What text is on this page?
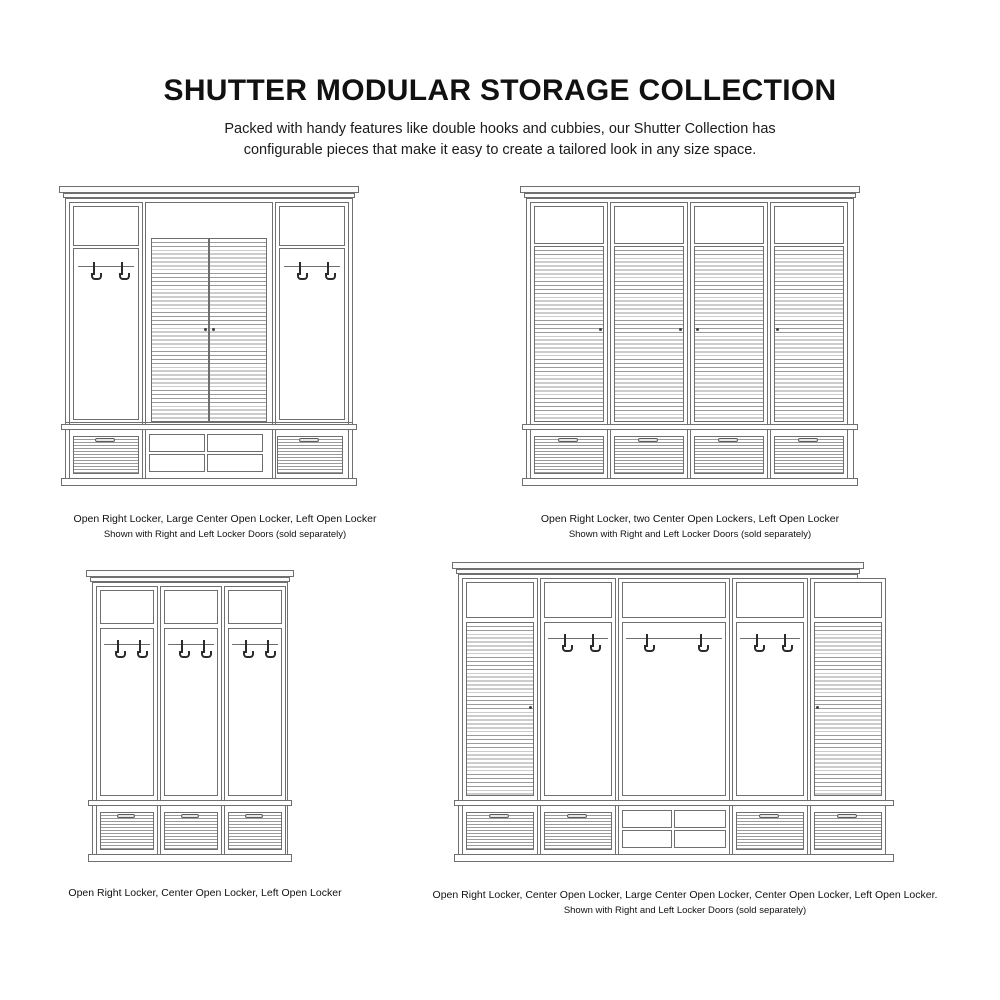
SHUTTER MODULAR STORAGE COLLECTION

Packed with handy features like double hooks and cubbies, our Shutter Collection has
configurable pieces that make it easy to create a tailored look in any size space.

Open Right Locker, Large Center Open Locker, Left Open Locker
Shown with Right and Left Locker Doors (sold separately)
Open Right Locker, two Center Open Lockers, Left Open Locker
Shown with Right and Left Locker Doors (sold separately)
Open Right Locker, Center Open Locker, Left Open Locker	Open Right Locker, Center Open Locker, Large Center Open Locker, Center Open Locker, Left Open Locker.
Shown with Right and Left Locker Doors (sold separately)
